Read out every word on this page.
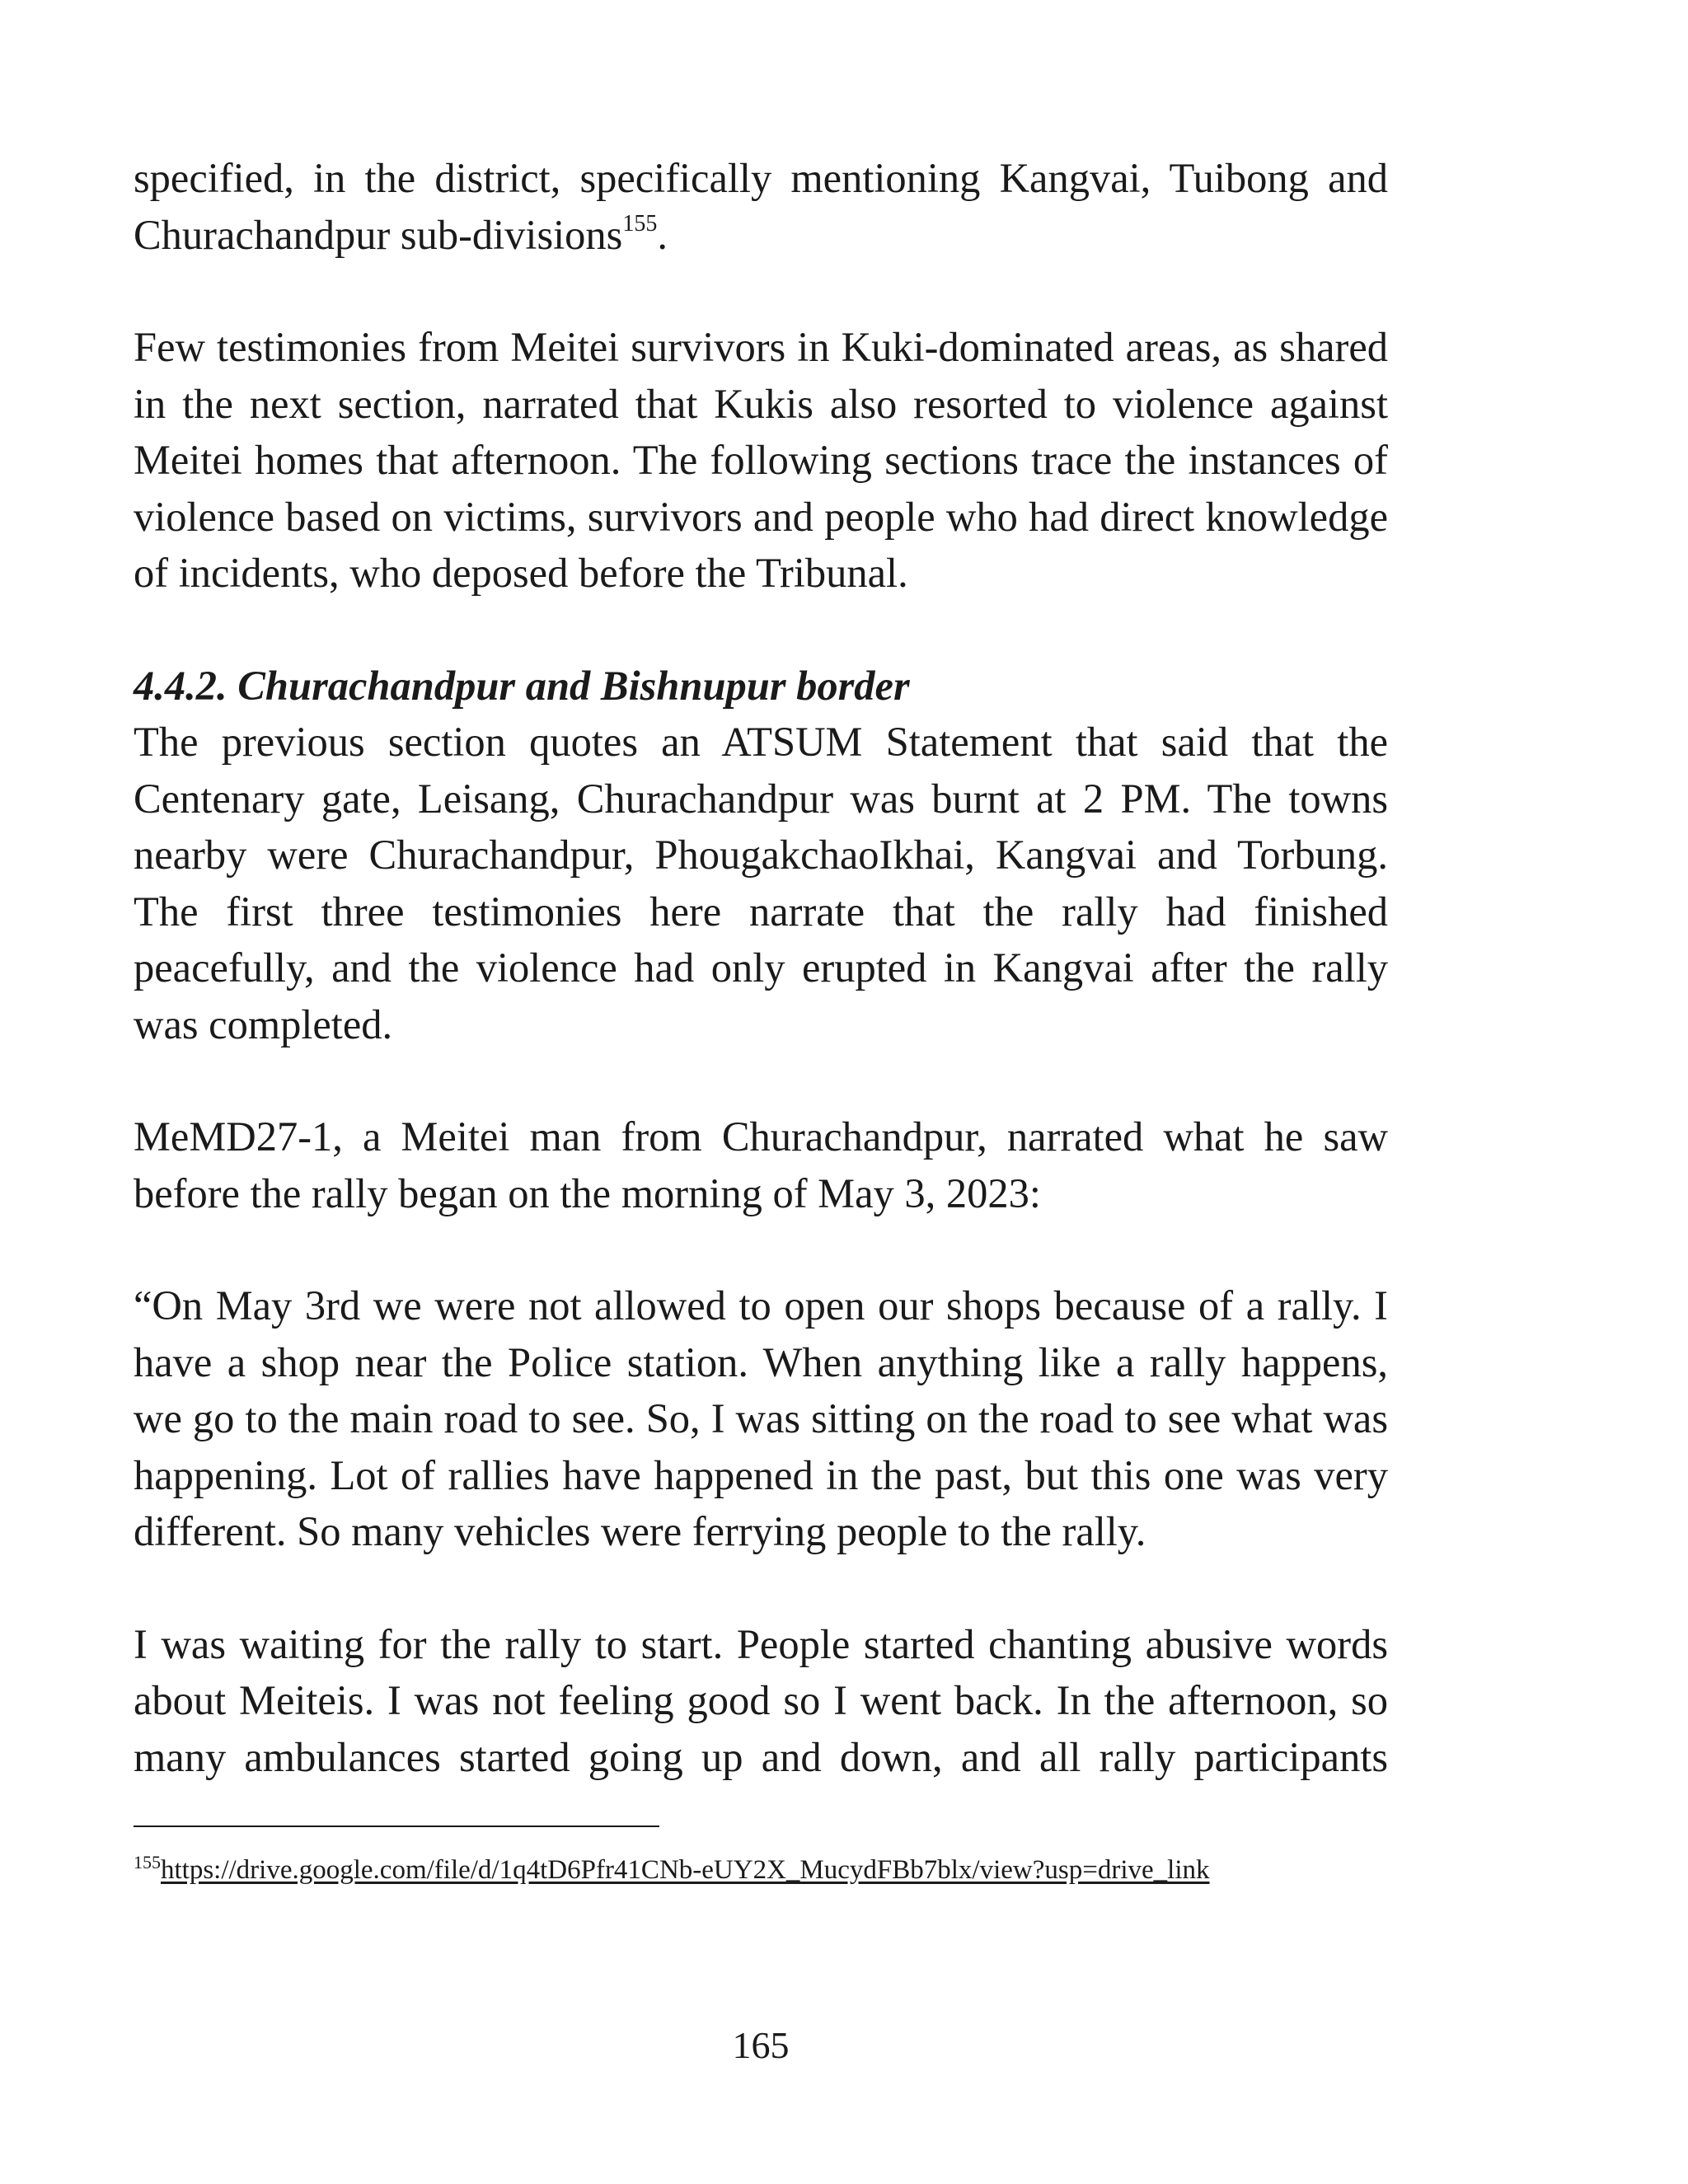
specified, in the district, specifically mentioning Kangvai, Tuibong and Churachandpur sub-divisions$^{155}$.

Few testimonies from Meitei survivors in Kuki-dominated areas, as shared in the next section, narrated that Kukis also resorted to violence against Meitei homes that afternoon. The following sections trace the instances of violence based on victims, survivors and people who had direct knowledge of incidents, who deposed before the Tribunal.

4.4.2. Churachandpur and Bishnupur border

The previous section quotes an ATSUM Statement that said that the Centenary gate, Leisang, Churachandpur was burnt at 2 PM. The towns nearby were Churachandpur, PhougakchaoIkhai, Kangvai and Torbung. The first three testimonies here narrate that the rally had finished peacefully, and the violence had only erupted in Kangvai after the rally was completed.

MeMD27-1, a Meitei man from Churachandpur, narrated what he saw before the rally began on the morning of May 3, 2023:

“On May 3rd we were not allowed to open our shops because of a rally. I have a shop near the Police station. When anything like a rally happens, we go to the main road to see. So, I was sitting on the road to see what was happening. Lot of rallies have happened in the past, but this one was very different. So many vehicles were ferrying people to the rally.

I was waiting for the rally to start. People started chanting abusive words about Meiteis. I was not feeling good so I went back. In the afternoon, so many ambulances started going up and down, and all rally participants

$^{155}$https://drive.google.com/file/d/1q4tD6Pfr41CNb-eUY2X_MucydFBb7blx/view?usp=drive_link
165
